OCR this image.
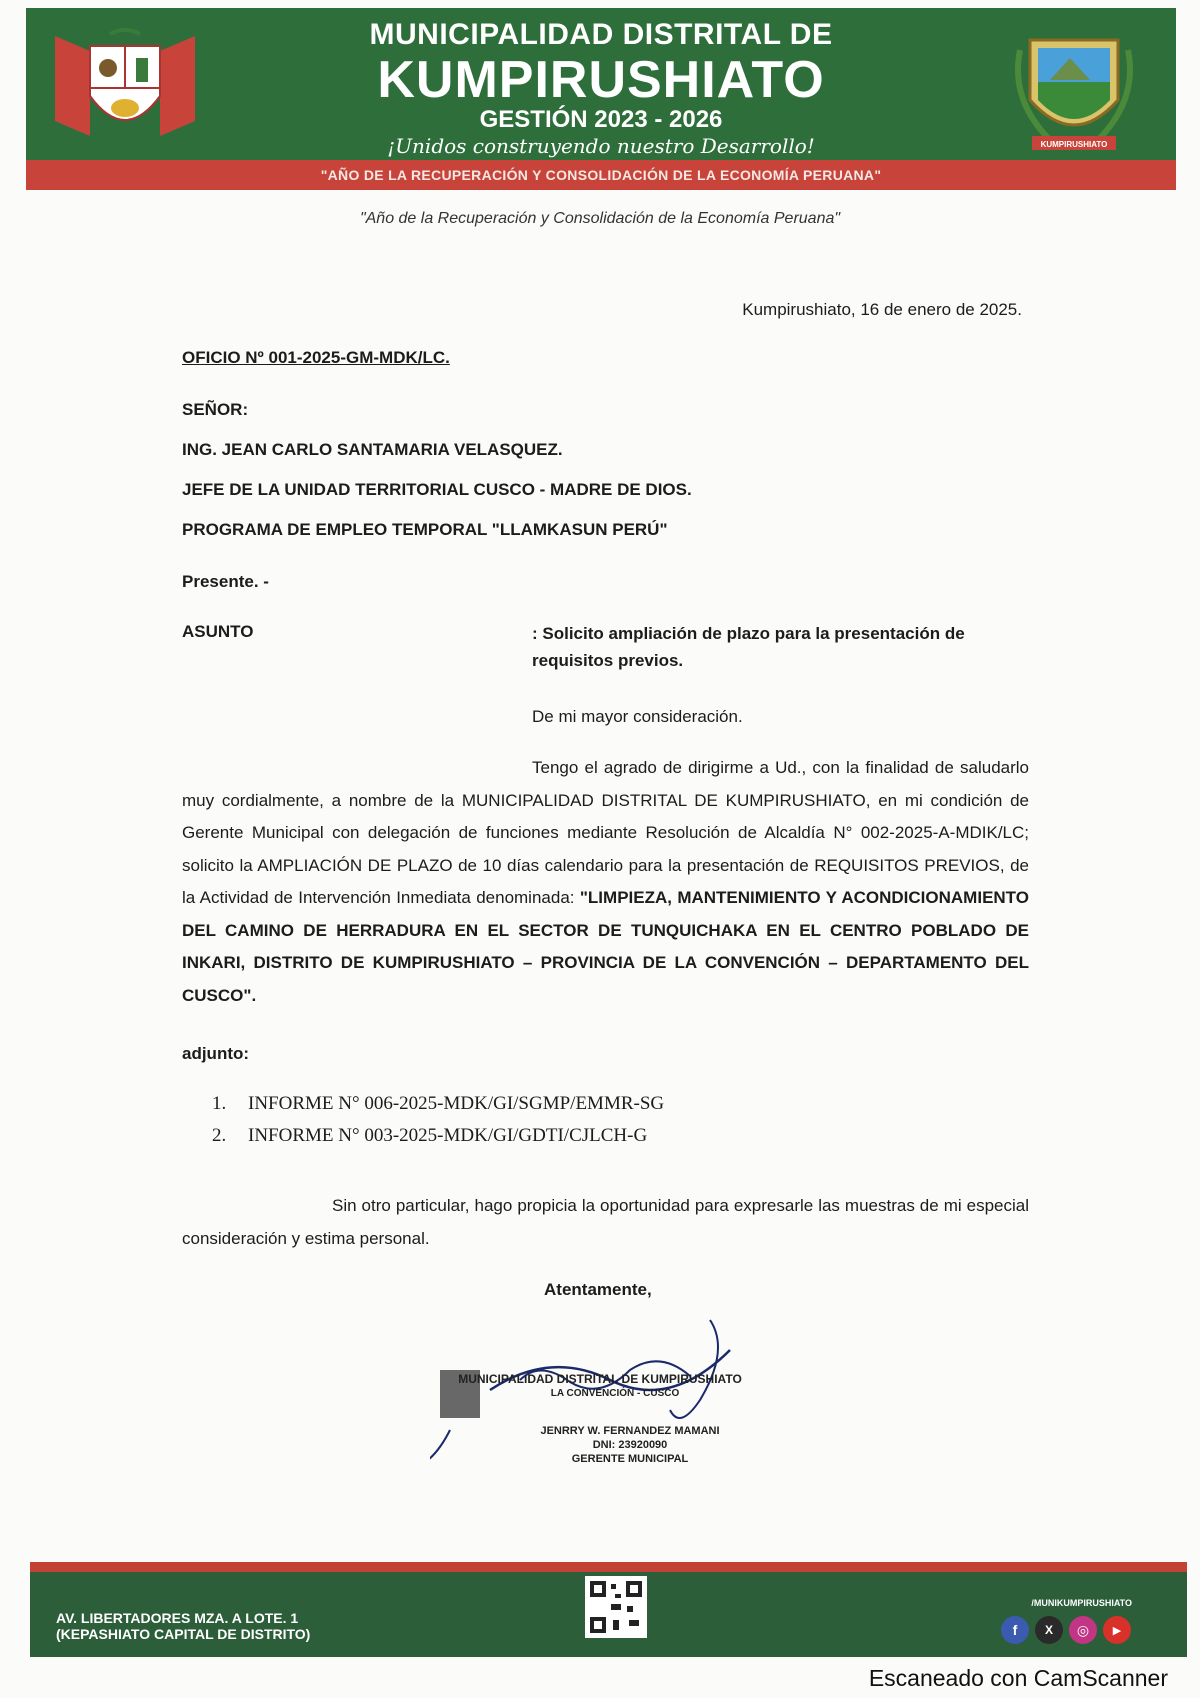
MUNICIPALIDAD DISTRITAL DE
KUMPIRUSHIATO
GESTIÓN 2023 - 2026
¡Unidos construyendo nuestro Desarrollo!	KUMPIRUSHIATO
"AÑO DE LA RECUPERACIÓN Y CONSOLIDACIÓN DE LA ECONOMÍA PERUANA"
"Año de la Recuperación y Consolidación de la Economía Peruana"
Kumpirushiato, 16 de enero de 2025.
OFICIO Nº 001-2025-GM-MDK/LC.
SEÑOR:
ING. JEAN CARLO SANTAMARIA VELASQUEZ.
JEFE DE LA UNIDAD TERRITORIAL CUSCO - MADRE DE DIOS.
PROGRAMA DE EMPLEO TEMPORAL "LLAMKASUN PERÚ"
Presente. -
ASUNTO	: Solicito ampliación de plazo para la presentación de requisitos previos.
De mi mayor consideración.
Tengo el agrado de dirigirme a Ud., con la finalidad de saludarlo muy cordialmente, a nombre de la MUNICIPALIDAD DISTRITAL DE KUMPIRUSHIATO, en mi condición de Gerente Municipal con delegación de funciones mediante Resolución de Alcaldía N° 002-2025-A-MDIK/LC; solicito la AMPLIACIÓN DE PLAZO de 10 días calendario para la presentación de REQUISITOS PREVIOS, de la Actividad de Intervención Inmediata denominada: "LIMPIEZA, MANTENIMIENTO Y ACONDICIONAMIENTO DEL CAMINO DE HERRADURA EN EL SECTOR DE TUNQUICHAKA EN EL CENTRO POBLADO DE INKARI, DISTRITO DE KUMPIRUSHIATO – PROVINCIA DE LA CONVENCIÓN – DEPARTAMENTO DEL CUSCO".
adjunto:
1. INFORME N° 006-2025-MDK/GI/SGMP/EMMR-SG
2. INFORME N° 003-2025-MDK/GI/GDTI/CJLCH-G
Sin otro particular, hago propicia la oportunidad para expresarle las muestras de mi especial consideración y estima personal.
Atentamente,
MUNICIPALIDAD DISTRITAL DE KUMPIRUSHIATO
LA CONVENCIÓN - CUSCO
JENRRY W. FERNANDEZ MAMANI
DNI: 23920090
GERENTE MUNICIPAL
AV. LIBERTADORES MZA. A LOTE. 1
(KEPASHIATO CAPITAL DE DISTRITO)
/MUNIKUMPIRUSHIATO
f	X	◎	▶
Escaneado con CamScanner
